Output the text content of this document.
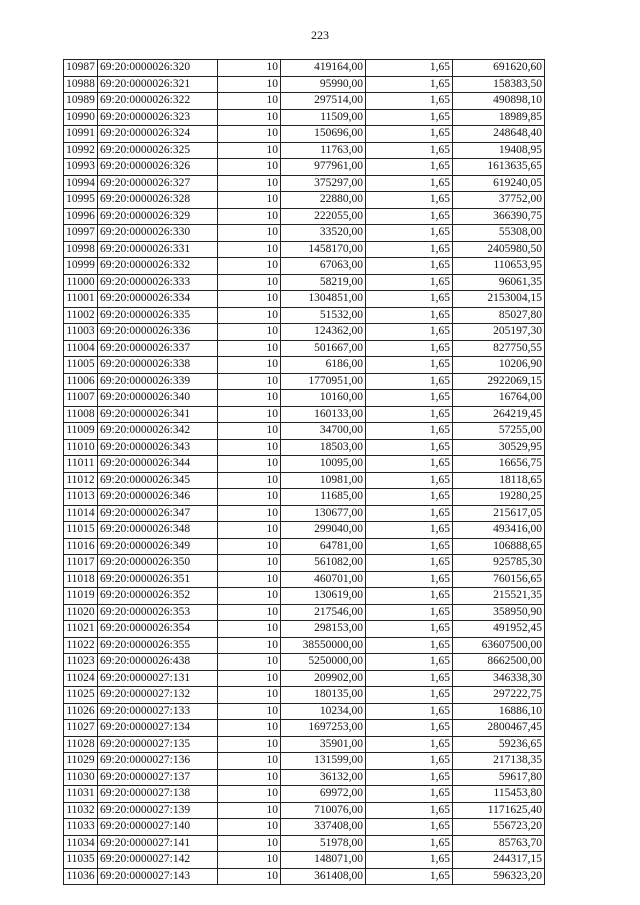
223
10987	69:20:0000026:320	10	419164,00	1,65	691620,60
10988	69:20:0000026:321	10	95990,00	1,65	158383,50
10989	69:20:0000026:322	10	297514,00	1,65	490898,10
10990	69:20:0000026:323	10	11509,00	1,65	18989,85
10991	69:20:0000026:324	10	150696,00	1,65	248648,40
10992	69:20:0000026:325	10	11763,00	1,65	19408,95
10993	69:20:0000026:326	10	977961,00	1,65	1613635,65
10994	69:20:0000026:327	10	375297,00	1,65	619240,05
10995	69:20:0000026:328	10	22880,00	1,65	37752,00
10996	69:20:0000026:329	10	222055,00	1,65	366390,75
10997	69:20:0000026:330	10	33520,00	1,65	55308,00
10998	69:20:0000026:331	10	1458170,00	1,65	2405980,50
10999	69:20:0000026:332	10	67063,00	1,65	110653,95
11000	69:20:0000026:333	10	58219,00	1,65	96061,35
11001	69:20:0000026:334	10	1304851,00	1,65	2153004,15
11002	69:20:0000026:335	10	51532,00	1,65	85027,80
11003	69:20:0000026:336	10	124362,00	1,65	205197,30
11004	69:20:0000026:337	10	501667,00	1,65	827750,55
11005	69:20:0000026:338	10	6186,00	1,65	10206,90
11006	69:20:0000026:339	10	1770951,00	1,65	2922069,15
11007	69:20:0000026:340	10	10160,00	1,65	16764,00
11008	69:20:0000026:341	10	160133,00	1,65	264219,45
11009	69:20:0000026:342	10	34700,00	1,65	57255,00
11010	69:20:0000026:343	10	18503,00	1,65	30529,95
11011	69:20:0000026:344	10	10095,00	1,65	16656,75
11012	69:20:0000026:345	10	10981,00	1,65	18118,65
11013	69:20:0000026:346	10	11685,00	1,65	19280,25
11014	69:20:0000026:347	10	130677,00	1,65	215617,05
11015	69:20:0000026:348	10	299040,00	1,65	493416,00
11016	69:20:0000026:349	10	64781,00	1,65	106888,65
11017	69:20:0000026:350	10	561082,00	1,65	925785,30
11018	69:20:0000026:351	10	460701,00	1,65	760156,65
11019	69:20:0000026:352	10	130619,00	1,65	215521,35
11020	69:20:0000026:353	10	217546,00	1,65	358950,90
11021	69:20:0000026:354	10	298153,00	1,65	491952,45
11022	69:20:0000026:355	10	38550000,00	1,65	63607500,00
11023	69:20:0000026:438	10	5250000,00	1,65	8662500,00
11024	69:20:0000027:131	10	209902,00	1,65	346338,30
11025	69:20:0000027:132	10	180135,00	1,65	297222,75
11026	69:20:0000027:133	10	10234,00	1,65	16886,10
11027	69:20:0000027:134	10	1697253,00	1,65	2800467,45
11028	69:20:0000027:135	10	35901,00	1,65	59236,65
11029	69:20:0000027:136	10	131599,00	1,65	217138,35
11030	69:20:0000027:137	10	36132,00	1,65	59617,80
11031	69:20:0000027:138	10	69972,00	1,65	115453,80
11032	69:20:0000027:139	10	710076,00	1,65	1171625,40
11033	69:20:0000027:140	10	337408,00	1,65	556723,20
11034	69:20:0000027:141	10	51978,00	1,65	85763,70
11035	69:20:0000027:142	10	148071,00	1,65	244317,15
11036	69:20:0000027:143	10	361408,00	1,65	596323,20
